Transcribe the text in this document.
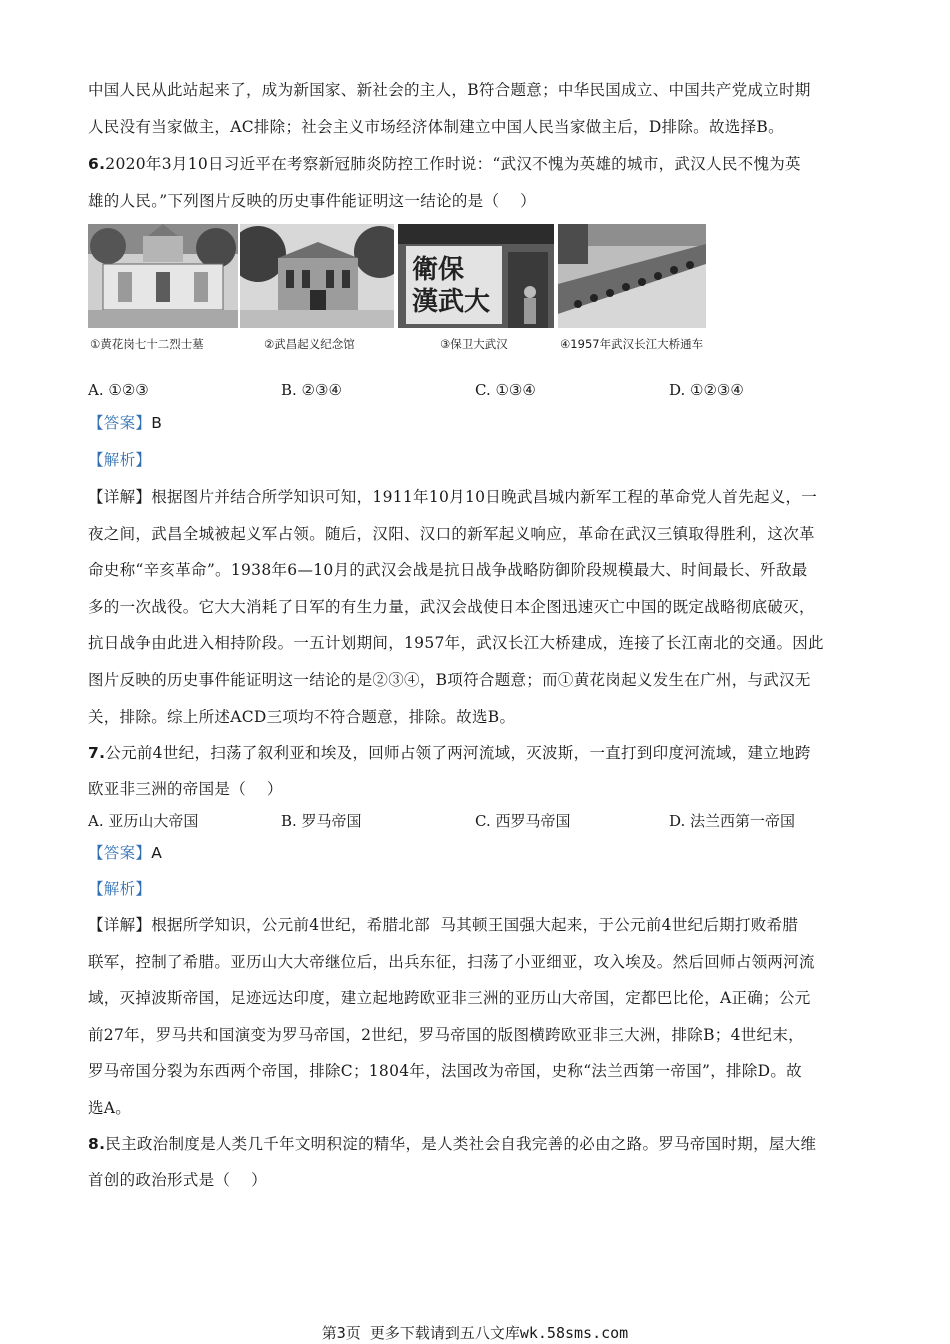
中国人民从此站起来了，成为新国家、新社会的主人，B符合题意；中华民国成立、中国共产党成立时期
人民没有当家做主，AC排除；社会主义市场经济体制建立中国人民当家做主后，D排除。故选择B。
6.2020年3月10日习近平在考察新冠肺炎防控工作时说：“武汉不愧为英雄的城市，武汉人民不愧为英
雄的人民。”下列图片反映的历史事件能证明这一结论的是（    ）
①黄花岗七十二烈士墓	②武昌起义纪念馆
衛保
漢武大
③保卫大武汉	④1957年武汉长江大桥通车
A. ①②③	B. ②③④	C. ①③④	D. ①②③④
【答案】B
【解析】
【详解】根据图片并结合所学知识可知，1911年10月10日晚武昌城内新军工程的革命党人首先起义，一
夜之间，武昌全城被起义军占领。随后，汉阳、汉口的新军起义响应，革命在武汉三镇取得胜利，这次革
命史称“辛亥革命”。1938年6—10月的武汉会战是抗日战争战略防御阶段规模最大、时间最长、歼敌最
多的一次战役。它大大消耗了日军的有生力量，武汉会战使日本企图迅速灭亡中国的既定战略彻底破灭，
抗日战争由此进入相持阶段。一五计划期间，1957年，武汉长江大桥建成，连接了长江南北的交通。因此
图片反映的历史事件能证明这一结论的是②③④，B项符合题意；而①黄花岗起义发生在广州，与武汉无
关，排除。综上所述ACD三项均不符合题意，排除。故选B。
7.公元前4世纪，扫荡了叙利亚和埃及，回师占领了两河流域，灭波斯，一直打到印度河流域，建立地跨
欧亚非三洲的帝国是（    ）
A. 亚历山大帝国	B. 罗马帝国	C. 西罗马帝国	D. 法兰西第一帝国
【答案】A
【解析】
【详解】根据所学知识，公元前4世纪，希腊北部  马其顿王国强大起来，于公元前4世纪后期打败希腊
联军，控制了希腊。亚历山大大帝继位后，出兵东征，扫荡了小亚细亚，攻入埃及。然后回师占领两河流
域，灭掉波斯帝国，足迹远达印度，建立起地跨欧亚非三洲的亚历山大帝国，定都巴比伦，A正确；公元
前27年，罗马共和国演变为罗马帝国，2世纪，罗马帝国的版图横跨欧亚非三大洲，排除B；4世纪末，
罗马帝国分裂为东西两个帝国，排除C；1804年，法国改为帝国，史称“法兰西第一帝国”，排除D。故
选A。
8.民主政治制度是人类几千年文明积淀的精华，是人类社会自我完善的必由之路。罗马帝国时期，屋大维
首创的政治形式是（    ）
第3页 更多下载请到五八文库wk.58sms.com
